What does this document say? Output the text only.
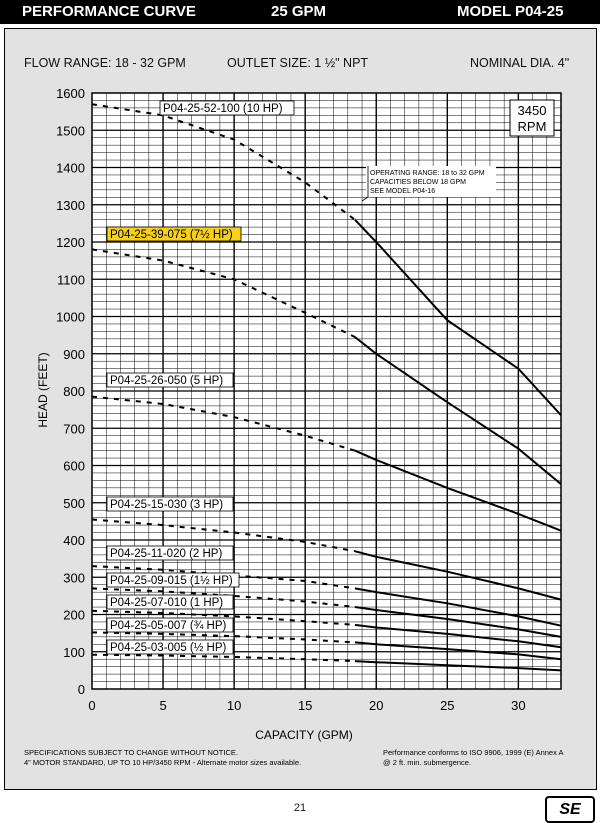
PERFORMANCE CURVE	25 GPM	MODEL P04-25
0	5	10	15	20	25	30
0
100
200
300
400
500
600
700
800
900
1000
1100
1200
1300
1400
1500
1600
P04-25-52-100 (10 HP)
P04-25-39-075 (7½ HP)
P04-25-26-050 (5 HP)
P04-25-15-030 (3 HP)
P04-25-11-020 (2 HP)
P04-25-09-015 (1½ HP)
P04-25-07-010 (1 HP)
P04-25-05-007 (¾ HP)
P04-25-03-005 (½ HP)
FLOW RANGE: 18 - 32 GPM	OUTLET SIZE: 1 ½" NPT	NOMINAL DIA. 4"
3450
RPM
OPERATING RANGE: 18 to 32 GPM
CAPACITIES BELOW 18 GPM
SEE MODEL P04-16
CAPACITY (GPM)
HEAD (FEET)
SPECIFICATIONS SUBJECT TO CHANGE WITHOUT NOTICE.
4" MOTOR STANDARD, UP TO 10 HP/3450 RPM - Alternate motor sizes available.
Performance conforms to ISO 9906, 1999 (E) Annex A
@ 2 ft. min. submergence.
21	SE
